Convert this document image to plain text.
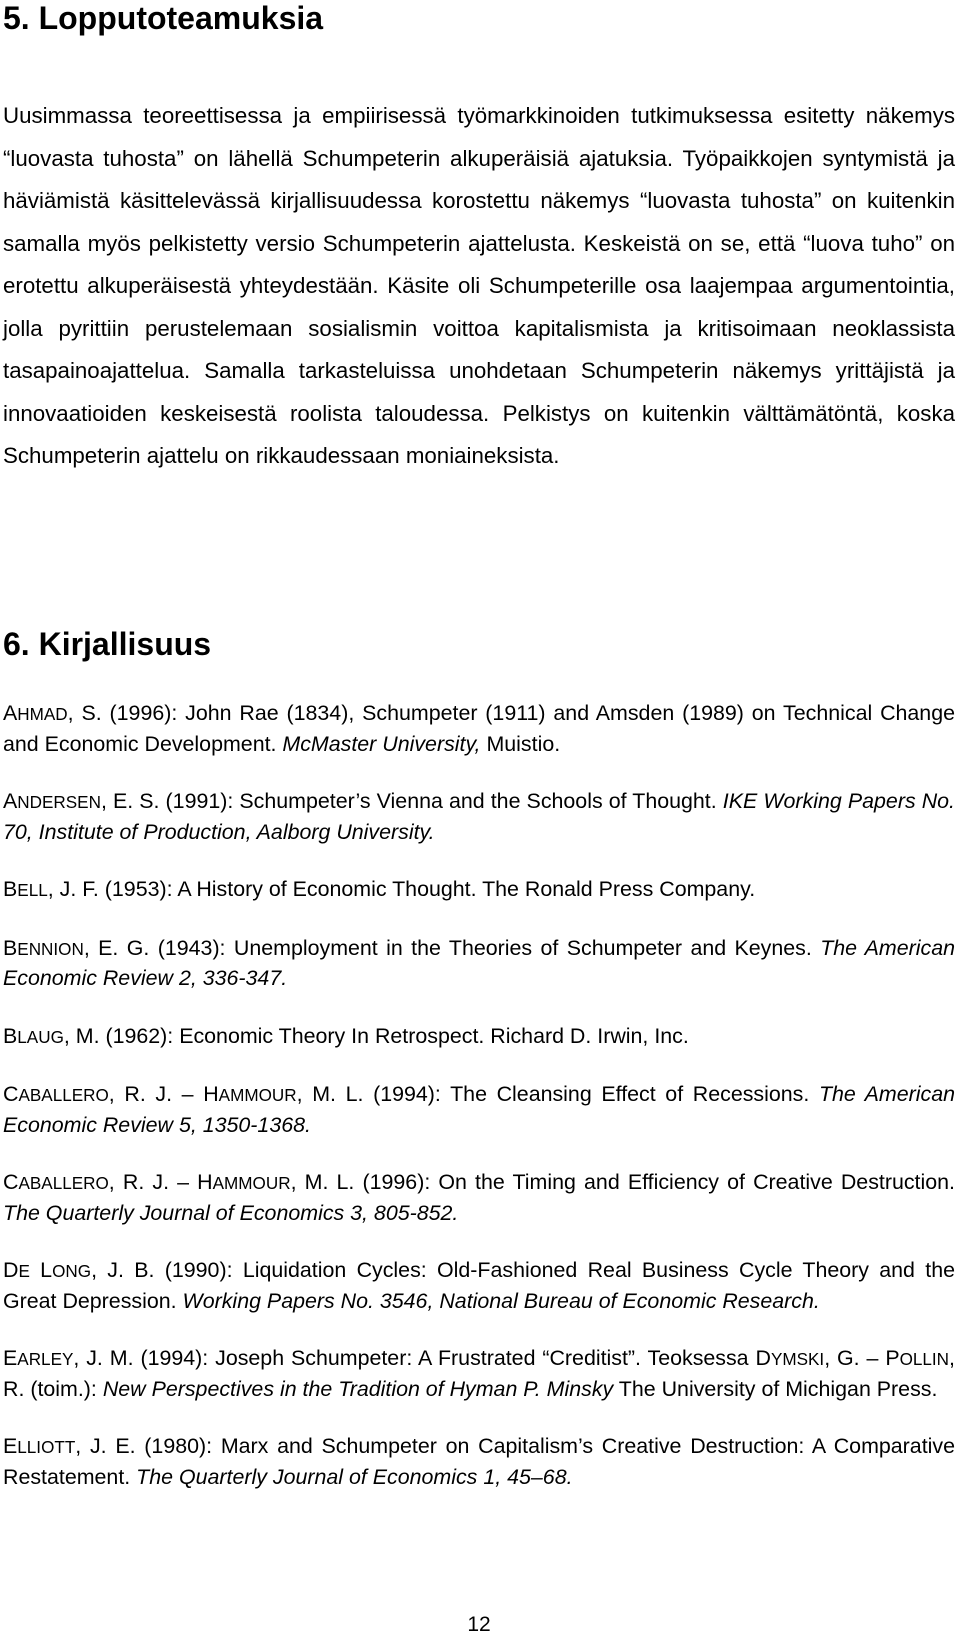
5. Lopputoteamuksia

Uusimmassa teoreettisessa ja empiirisessä työmarkkinoiden tutkimuksessa esitetty näkemys “luovasta tuhosta” on lähellä Schumpeterin alkuperäisiä ajatuksia. Työpaikkojen syntymistä ja häviämistä käsittelevässä kirjallisuudessa korostettu näkemys “luovasta tuhosta” on kuitenkin samalla myös pelkistetty versio Schumpeterin ajattelusta. Keskeistä on se, että “luova tuho” on erotettu alkuperäisestä yhteydestään. Käsite oli Schumpeterille osa laajempaa argumentointia, jolla pyrittiin perustelemaan sosialismin voittoa kapitalismista ja kritisoimaan neoklassista tasapainoajattelua. Samalla tarkasteluissa unohdetaan Schumpeterin näkemys yrittäjistä ja innovaatioiden keskeisestä roolista taloudessa. Pelkistys on kuitenkin välttämätöntä, koska Schumpeterin ajattelu on rikkaudessaan moniaineksista.

6. Kirjallisuus

AHMAD, S. (1996): John Rae (1834), Schumpeter (1911) and Amsden (1989) on Technical Change and Economic Development. McMaster University, Muistio.

ANDERSEN, E. S. (1991): Schumpeter’s Vienna and the Schools of Thought. IKE Working Papers No. 70, Institute of Production, Aalborg University.

BELL, J. F. (1953): A History of Economic Thought. The Ronald Press Company.

BENNION, E. G. (1943): Unemployment in the Theories of Schumpeter and Keynes. The American Economic Review 2, 336-347.

BLAUG, M. (1962): Economic Theory In Retrospect. Richard D. Irwin, Inc.

CABALLERO, R. J. – HAMMOUR, M. L. (1994): The Cleansing Effect of Recessions. The American Economic Review 5, 1350-1368.

CABALLERO, R. J. – HAMMOUR, M. L. (1996): On the Timing and Efficiency of Creative Destruction. The Quarterly Journal of Economics 3, 805-852.

DE LONG, J. B. (1990): Liquidation Cycles: Old-Fashioned Real Business Cycle Theory and the Great Depression. Working Papers No. 3546, National Bureau of Economic Research.

EARLEY, J. M. (1994): Joseph Schumpeter: A Frustrated “Creditist”. Teoksessa DYMSKI, G. – POLLIN, R. (toim.): New Perspectives in the Tradition of Hyman P. Minsky The University of Michigan Press.

ELLIOTT, J. E. (1980): Marx and Schumpeter on Capitalism’s Creative Destruction: A Comparative Restatement. The Quarterly Journal of Economics 1, 45–68.

12
